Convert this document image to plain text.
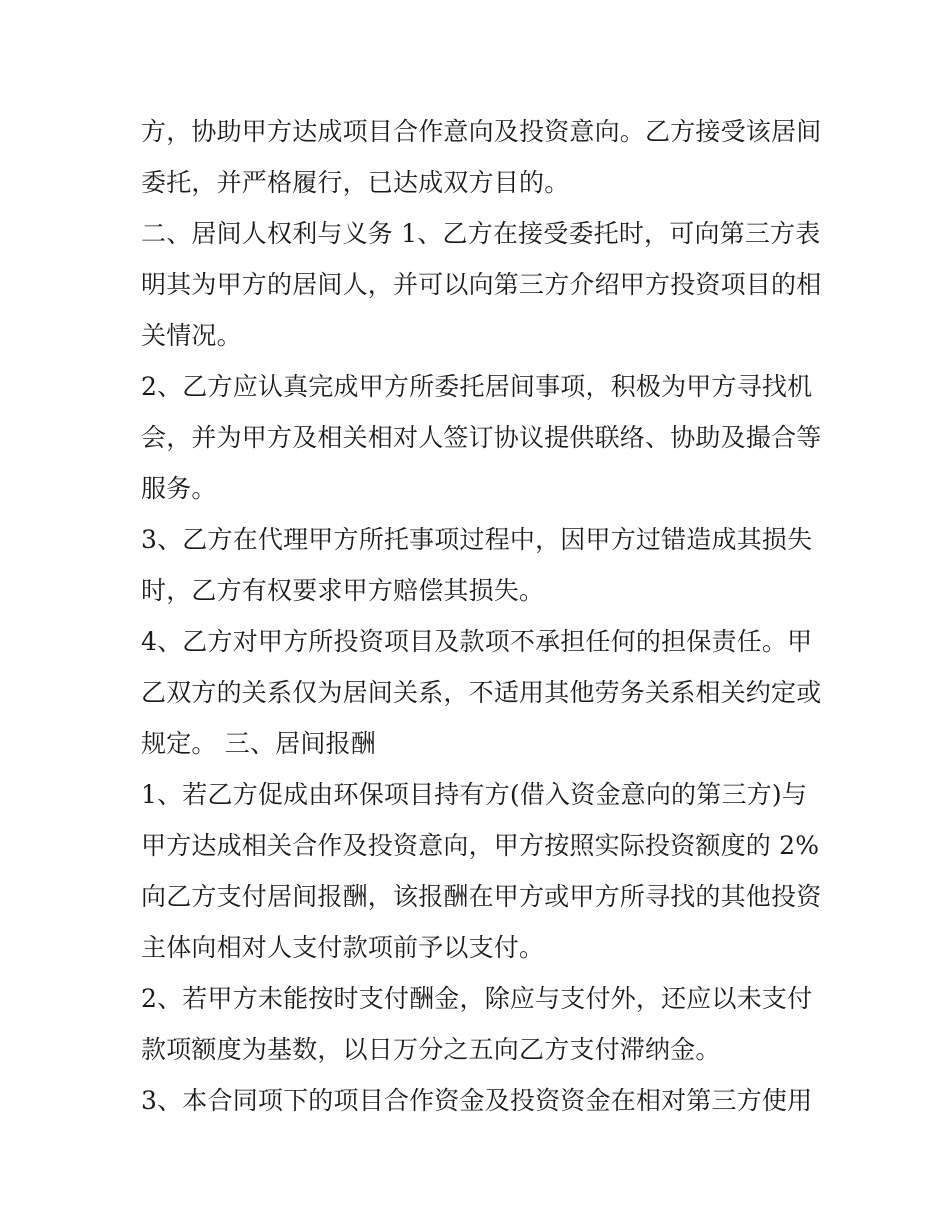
方，协助甲方达成项目合作意向及投资意向。乙方接受该居间
委托，并严格履行，已达成双方目的。

二、居间人权利与义务 1、乙方在接受委托时，可向第三方表
明其为甲方的居间人，并可以向第三方介绍甲方投资项目的相
关情况。

2、乙方应认真完成甲方所委托居间事项，积极为甲方寻找机
会，并为甲方及相关相对人签订协议提供联络、协助及撮合等
服务。

3、乙方在代理甲方所托事项过程中，因甲方过错造成其损失
时，乙方有权要求甲方赔偿其损失。

4、乙方对甲方所投资项目及款项不承担任何的担保责任。甲
乙双方的关系仅为居间关系，不适用其他劳务关系相关约定或
规定。 三、居间报酬

1、若乙方促成由环保项目持有方(借入资金意向的第三方)与
甲方达成相关合作及投资意向，甲方按照实际投资额度的 2%
向乙方支付居间报酬，该报酬在甲方或甲方所寻找的其他投资
主体向相对人支付款项前予以支付。

2、若甲方未能按时支付酬金，除应与支付外，还应以未支付
款项额度为基数，以日万分之五向乙方支付滞纳金。

3、本合同项下的项目合作资金及投资资金在相对第三方使用
